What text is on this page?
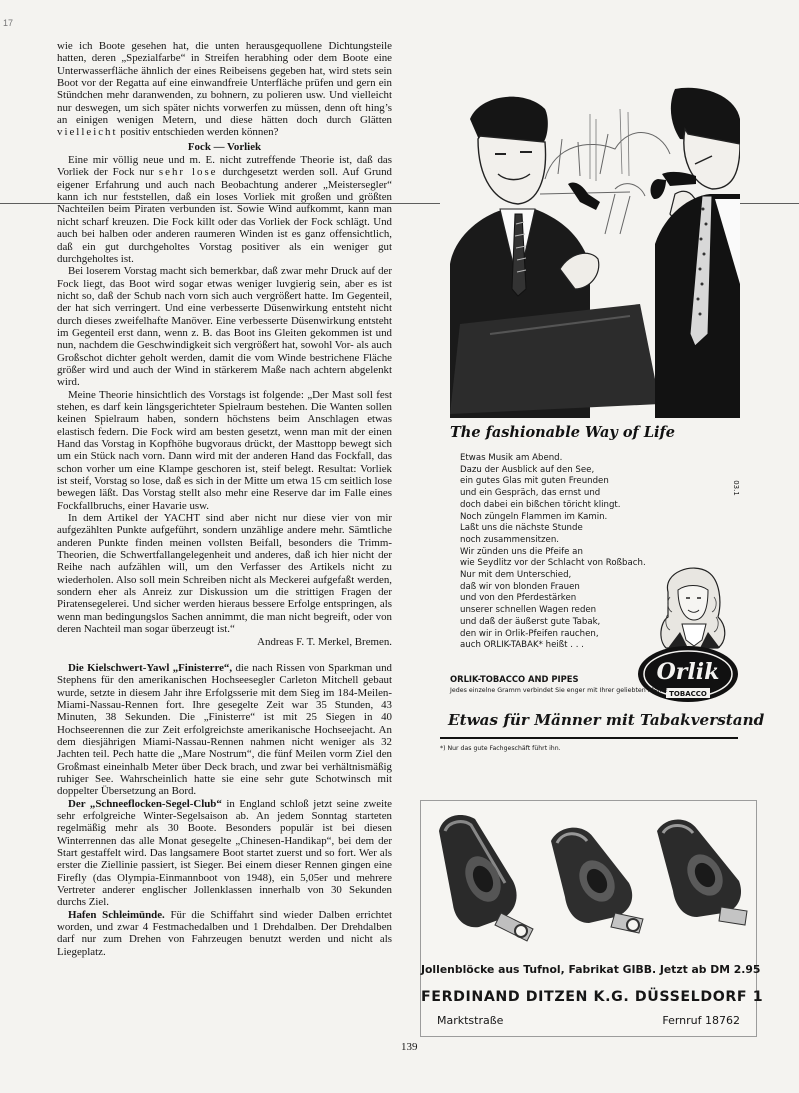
17

wie ich Boote gesehen hat, die unten herausgequollene Dichtungsteile hatten, deren „Spezialfarbe“ in Streifen herabhing oder dem Boote eine Unterwasserfläche ähnlich der eines Reibeisens gegeben hat, wird stets sein Boot vor der Regatta auf eine einwandfreie Unterfläche prüfen und gern ein Stündchen mehr daranwenden, zu bohnern, zu polieren usw. Und vielleicht nur deswegen, um sich später nichts vorwerfen zu müssen, denn oft hing’s an einigen wenigen Metern, und diese hätten doch durch Glätten vielleicht positiv entschieden werden können?

Fock — Vorliek

Eine mir völlig neue und m. E. nicht zutreffende Theorie ist, daß das Vorliek der Fock nur sehr lose durchgesetzt werden soll. Auf Grund eigener Erfahrung und auch nach Beobachtung anderer „Meistersegler“ kann ich nur feststellen, daß ein loses Vorliek mit großen und größten Nachteilen beim Piraten verbunden ist. Sowie Wind aufkommt, kann man nicht scharf kreuzen. Die Fock killt oder das Vorliek der Fock schlägt. Und auch bei halben oder anderen raumeren Winden ist es ganz offensichtlich, daß ein gut durchgeholtes Vorstag positiver als ein weniger gut durchgeholtes ist.

Bei loserem Vorstag macht sich bemerkbar, daß zwar mehr Druck auf der Fock liegt, das Boot wird sogar etwas weniger luvgierig sein, aber es ist nicht so, daß der Schub nach vorn sich auch vergrößert hatte. Im Gegenteil, der hat sich verringert. Und eine verbesserte Düsenwirkung entsteht nicht durch dieses zweifelhafte Manöver. Eine verbesserte Düsenwirkung entsteht im Gegenteil erst dann, wenn z. B. das Boot ins Gleiten gekommen ist und nun, nachdem die Geschwindigkeit sich vergrößert hat, sowohl Vor- als auch Großschot dichter geholt werden, damit die vom Winde bestrichene Fläche größer wird und auch der Wind in stärkerem Maße nach achtern abgelenkt wird.

Meine Theorie hinsichtlich des Vorstags ist folgende: „Der Mast soll fest stehen, es darf kein längsgerichteter Spielraum bestehen. Die Wanten sollen keinen Spielraum haben, sondern höchstens beim Anschlagen etwas elastisch federn. Die Fock wird am besten gesetzt, wenn man mit der einen Hand das Vorstag in Kopfhöhe bugvoraus drückt, der Masttopp bewegt sich um ein Stück nach vorn. Dann wird mit der anderen Hand das Fockfall, das schon vorher um eine Klampe geschoren ist, steif belegt. Resultat: Vorliek ist steif, Vorstag so lose, daß es sich in der Mitte um etwa 15 cm seitlich lose bewegen läßt. Das Vorstag stellt also mehr eine Reserve dar im Falle eines Fockfallbruchs, einer Havarie usw.

In dem Artikel der YACHT sind aber nicht nur diese vier von mir aufgezählten Punkte aufgeführt, sondern unzählige andere mehr. Sämtliche anderen Punkte finden meinen vollsten Beifall, besonders die Trimm-Theorien, die Schwertfallangelegenheit und anderes, daß ich hier nicht der Reihe nach aufzählen will, um den Verfasser des Artikels nicht zu wiederholen. Also soll mein Schreiben nicht als Meckerei aufgefaßt werden, sondern eher als Anreiz zur Diskussion um die strittigen Fragen der Piratensegelerei. Und sicher werden hieraus bessere Erfolge entspringen, als wenn man bedingungslos Sachen annimmt, die man nicht begreift, oder von deren Nachteil man sogar überzeugt ist.“

Andreas F. T. Merkel, Bremen.

Die Kielschwert-Yawl „Finisterre“, die nach Rissen von Sparkman und Stephens für den amerikanischen Hochseesegler Carleton Mitchell gebaut wurde, setzte in diesem Jahr ihre Erfolgsserie mit dem Sieg im 184-Meilen-Miami-Nassau-Rennen fort. Ihre gesegelte Zeit war 35 Stunden, 43 Minuten, 38 Sekunden. Die „Finisterre“ ist mit 25 Siegen in 40 Hochseerennen die zur Zeit erfolgreichste amerikanische Hochseejacht. An dem diesjährigen Miami-Nassau-Rennen nahmen nicht weniger als 32 Jachten teil. Pech hatte die „Mare Nostrum“, die fünf Meilen vorm Ziel den Großmast eineinhalb Meter über Deck brach, und zwar bei verhältnismäßig ruhiger See. Wahrscheinlich hatte sie eine sehr gute Schotwinsch mit doppelter Übersetzung an Bord.

Der „Schneeflocken-Segel-Club“ in England schloß jetzt seine zweite sehr erfolgreiche Winter-Segelsaison ab. An jedem Sonntag starteten regelmäßig mehr als 30 Boote. Besonders populär ist bei diesen Winterrennen das alle Monat gesegelte „Chinesen-Handikap“, bei dem der Start gestaffelt wird. Das langsamere Boot startet zuerst und so fort. Wer als erster die Ziellinie passiert, ist Sieger. Bei einem dieser Rennen gingen eine Firefly (das Olympia-Einmannboot von 1948), ein 5,05er und mehrere Vertreter anderer englischer Jollenklassen innerhalb von 30 Sekunden durchs Ziel.

Hafen Schleimünde. Für die Schiffahrt sind wieder Dalben errichtet worden, und zwar 4 Festmachedalben und 1 Drehdalben. Der Drehdalben darf nur zum Drehen von Fahrzeugen benutzt werden und nicht als Liegeplatz.

139
The fashionable Way of Life
Etwas Musik am Abend.
Dazu der Ausblick auf den See,
ein gutes Glas mit guten Freunden
und ein Gespräch, das ernst und
doch dabei ein bißchen töricht klingt.
Noch züngeln Flammen im Kamin.
Laßt uns die nächste Stunde
noch zusammensitzen.
Wir zünden uns die Pfeife an
wie Seydlitz vor der Schlacht von Roßbach.
Nur mit dem Unterschied,
daß wir von blonden Frauen
und von den Pferdestärken
unserer schnellen Wagen reden
und daß der äußerst gute Tabak,
den wir in Orlik-Pfeifen rauchen,
auch ORLIK-TABAK* heißt . . .
03.1
Orlik
TOBACCO
ORLIK-TOBACCO AND PIPES
Jedes einzelne Gramm verbindet Sie enger mit Ihrer geliebten Pfeife!
Etwas für Männer mit Tabakverstand
*) Nur das gute Fachgeschäft führt ihn.
Jollenblöcke aus Tufnol, Fabrikat GIBB. Jetzt ab DM 2.95
FERDINAND DITZEN K.G. DÜSSELDORF 1
Marktstraße	Fernruf 18762
